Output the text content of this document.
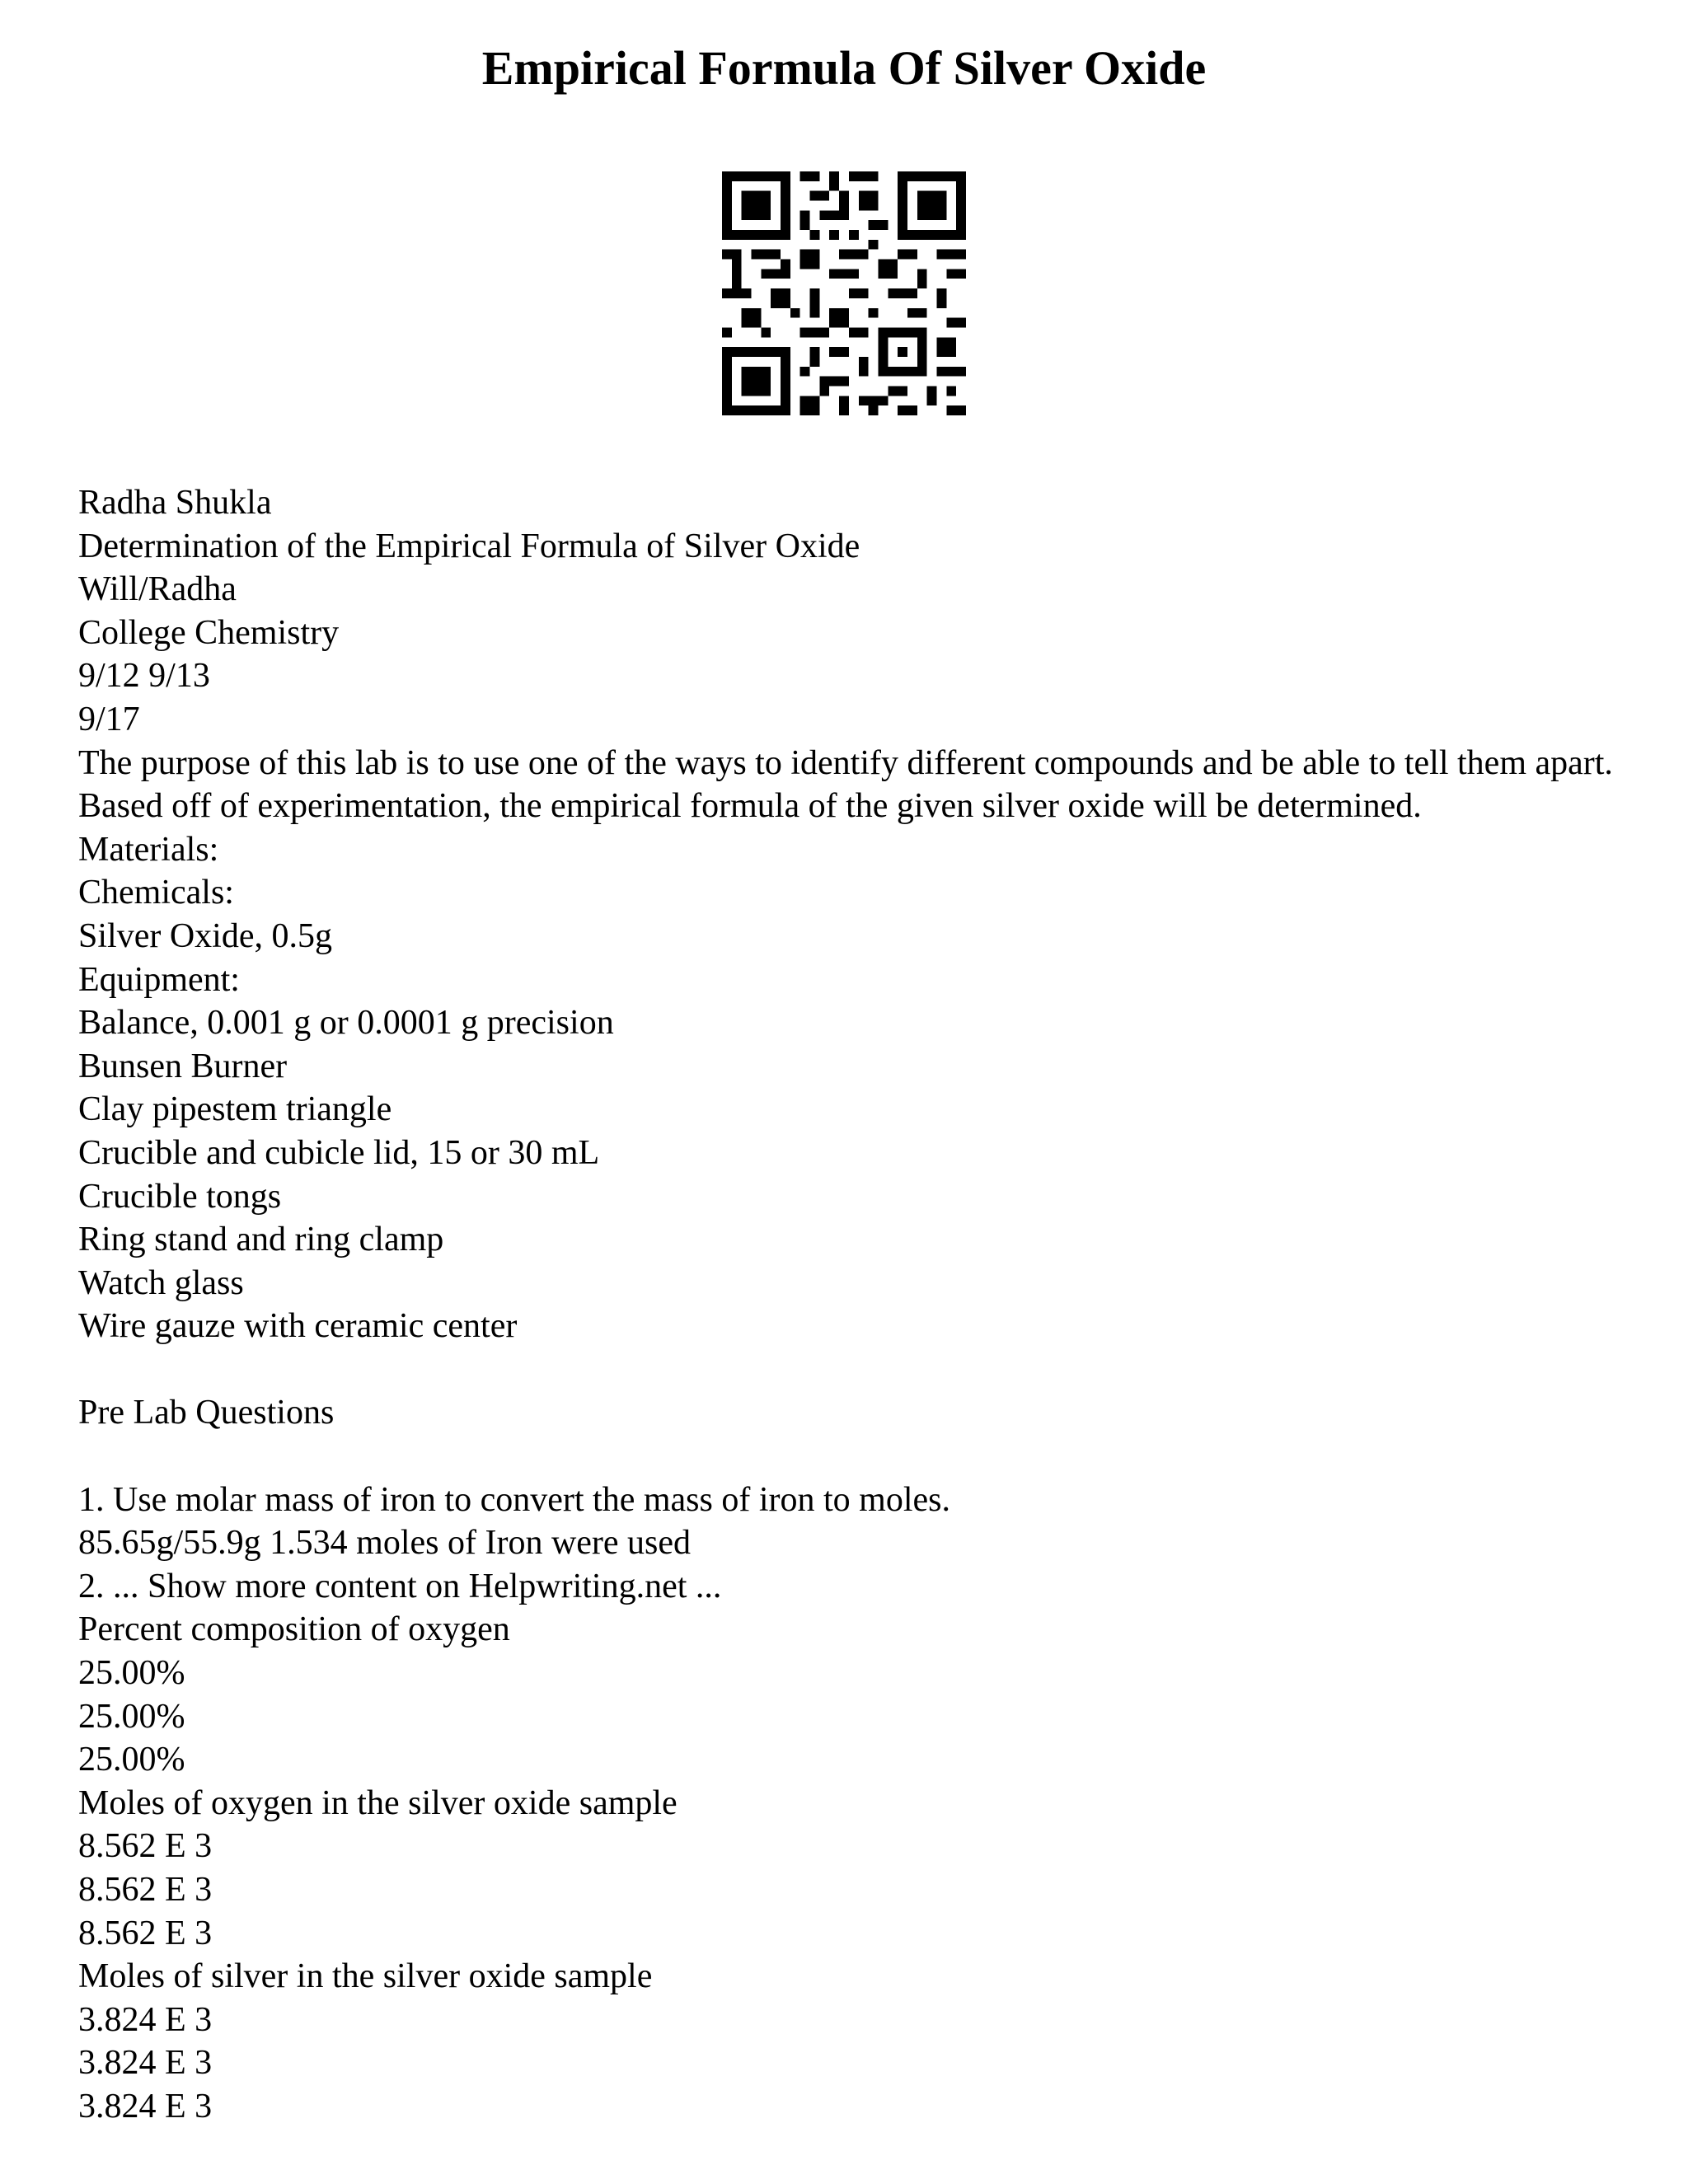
Empirical Formula Of Silver Oxide
Radha Shukla
Determination of the Empirical Formula of Silver Oxide
Will/Radha
College Chemistry
9/12 9/13
9/17
The purpose of this lab is to use one of the ways to identify different compounds and be able to tell them apart. Based off of experimentation, the empirical formula of the given silver oxide will be determined.
Materials:
Chemicals:
Silver Oxide, 0.5g
Equipment:
Balance, 0.001 g or 0.0001 g precision
Bunsen Burner
Clay pipestem triangle
Crucible and cubicle lid, 15 or 30 mL
Crucible tongs
Ring stand and ring clamp
Watch glass
Wire gauze with ceramic center
Pre Lab Questions
1. Use molar mass of iron to convert the mass of iron to moles.
85.65g/55.9g 1.534 moles of Iron were used
2. ... Show more content on Helpwriting.net ...
Percent composition of oxygen
25.00%
25.00%
25.00%
Moles of oxygen in the silver oxide sample
8.562 E 3
8.562 E 3
8.562 E 3
Moles of silver in the silver oxide sample
3.824 E 3
3.824 E 3
3.824 E 3
